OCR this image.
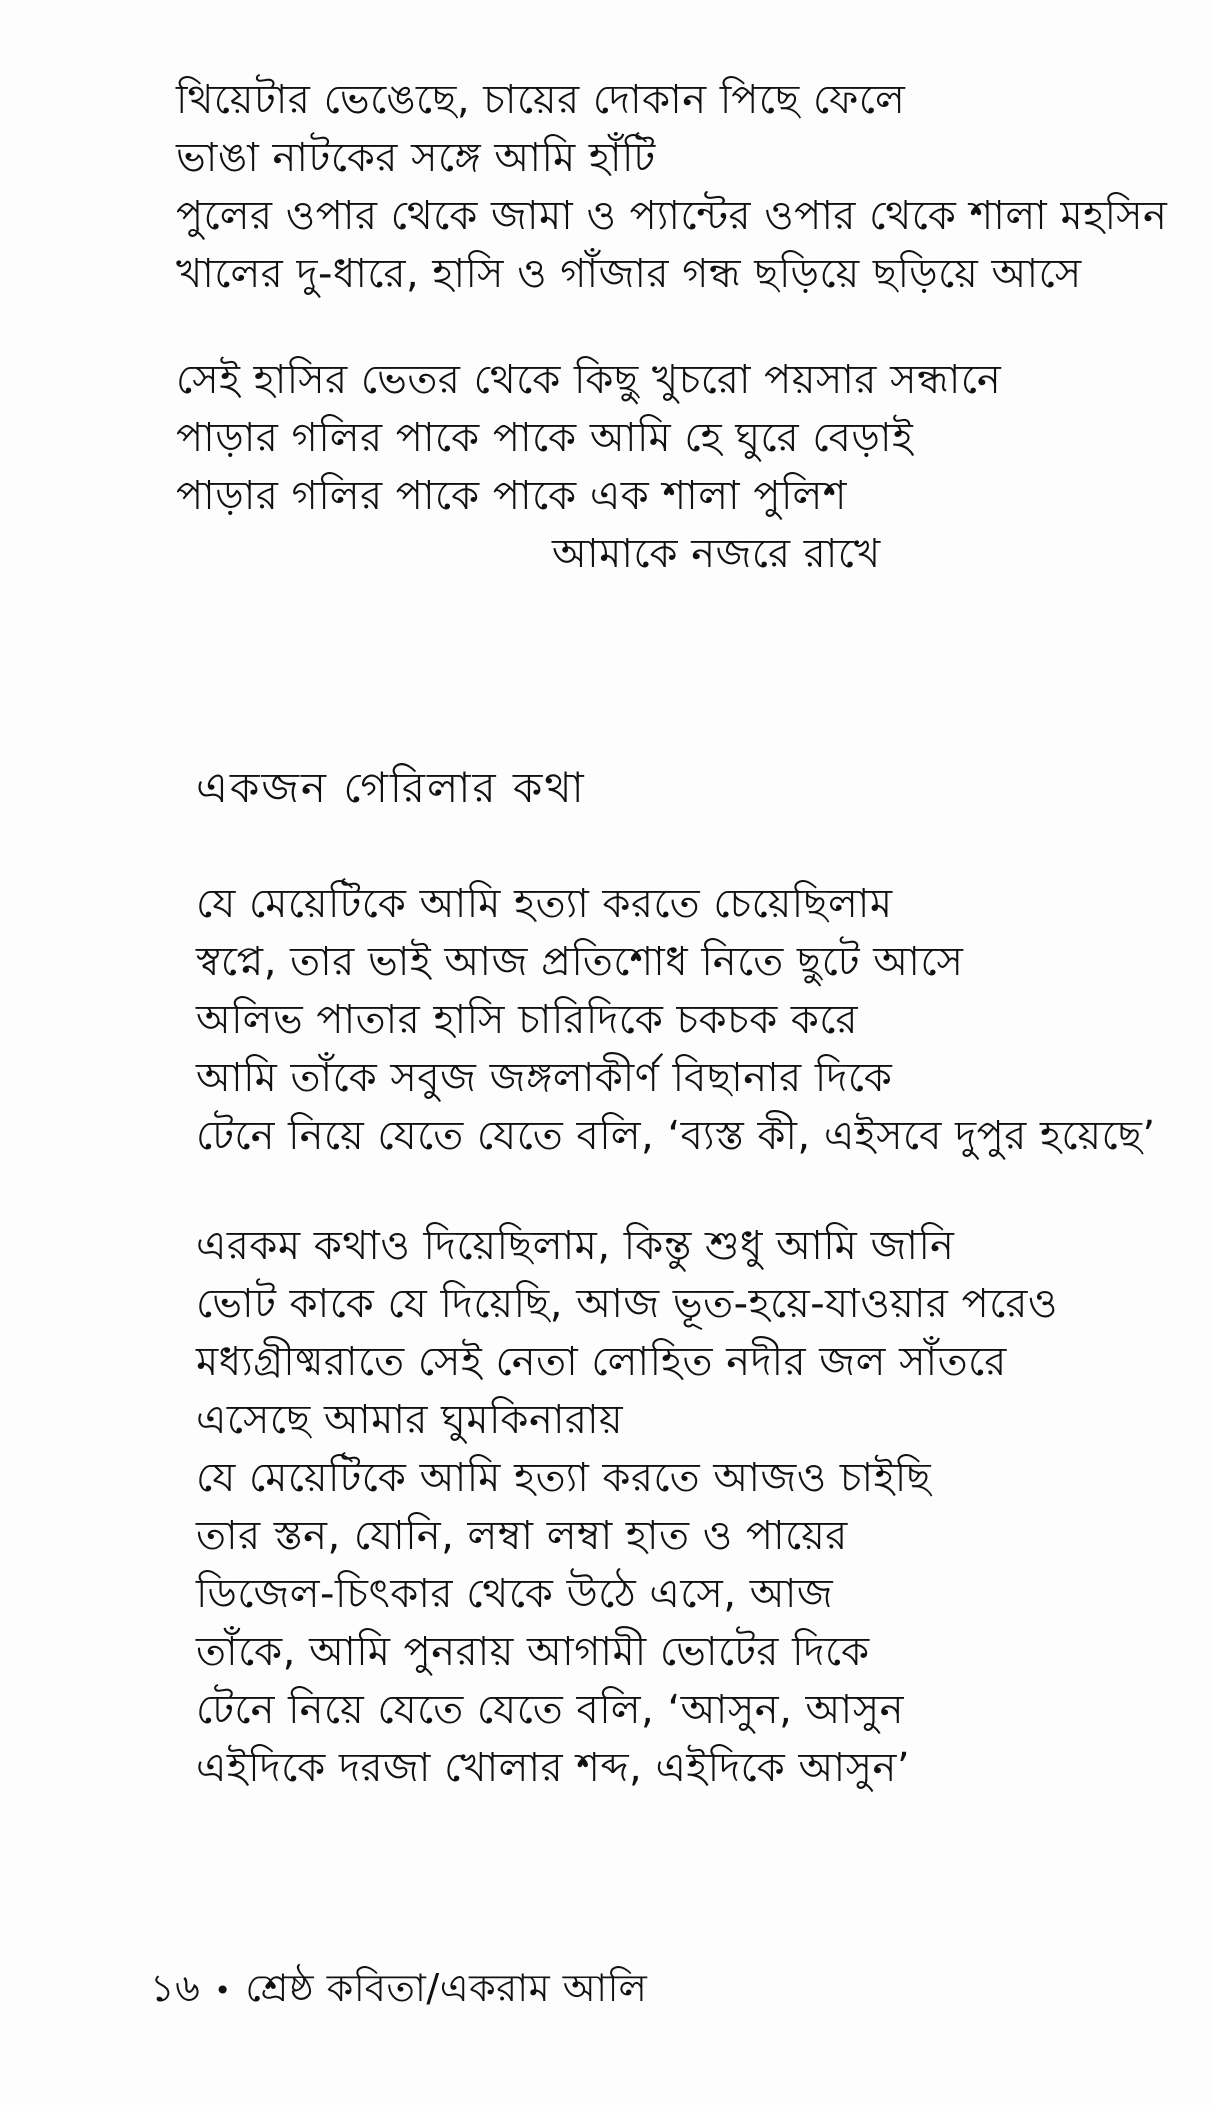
থিয়েটার ভেঙেছে, চায়ের দোকান পিছে ফেলে
ভাঙা নাটকের সঙ্গে আমি হাঁটি
পুলের ওপার থেকে জামা ও প্যান্টের ওপার থেকে শালা মহসিন
খালের দু-ধারে, হাসি ও গাঁজার গন্ধ ছড়িয়ে ছড়িয়ে আসে
সেই হাসির ভেতর থেকে কিছু খুচরো পয়সার সন্ধানে
পাড়ার গলির পাকে পাকে আমি হে ঘুরে বেড়াই
পাড়ার গলির পাকে পাকে এক শালা পুলিশ
আমাকে নজরে রাখে
একজন গেরিলার কথা
যে মেয়েটিকে আমি হত্যা করতে চেয়েছিলাম
স্বপ্নে, তার ভাই আজ প্রতিশোধ নিতে ছুটে আসে
অলিভ পাতার হাসি চারিদিকে চকচক করে
আমি তাঁকে সবুজ জঙ্গলাকীর্ণ বিছানার দিকে
টেনে নিয়ে যেতে যেতে বলি, ‘ব্যস্ত কী, এইসবে দুপুর হয়েছে’
এরকম কথাও দিয়েছিলাম, কিন্তু শুধু আমি জানি
ভোট কাকে যে দিয়েছি, আজ ভূত-হয়ে-যাওয়ার পরেও
মধ্যগ্রীষ্মরাতে সেই নেতা লোহিত নদীর জল সাঁতরে
এসেছে আমার ঘুমকিনারায়
যে মেয়েটিকে আমি হত্যা করতে আজও চাইছি
তার স্তন, যোনি, লম্বা লম্বা হাত ও পায়ের
ডিজেল-চিৎকার থেকে উঠে এসে, আজ
তাঁকে, আমি পুনরায় আগামী ভোটের দিকে
টেনে নিয়ে যেতে যেতে বলি, ‘আসুন, আসুন
এইদিকে দরজা খোলার শব্দ, এইদিকে আসুন’
১৬ • শ্রেষ্ঠ কবিতা/একরাম আলি
